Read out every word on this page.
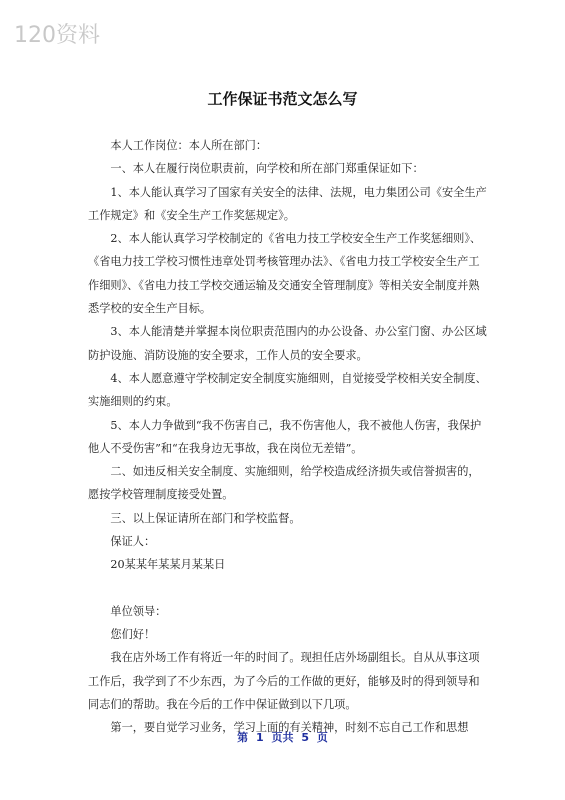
120资料
工作保证书范文怎么写

本人工作岗位：本人所在部门：

一、本人在履行岗位职责前，向学校和所在部门郑重保证如下：

1、本人能认真学习了国家有关安全的法律、法规，电力集团公司《安全生产工作规定》和《安全生产工作奖惩规定》。

2、本人能认真学习学校制定的《省电力技工学校安全生产工作奖惩细则》、《省电力技工学校习惯性违章处罚考核管理办法》、《省电力技工学校安全生产工作细则》、《省电力技工学校交通运输及交通安全管理制度》等相关安全制度并熟悉学校的安全生产目标。

3、本人能清楚并掌握本岗位职责范围内的办公设备、办公室门窗、办公区域防护设施、消防设施的安全要求，工作人员的安全要求。

4、本人愿意遵守学校制定安全制度实施细则，自觉接受学校相关安全制度、实施细则的约束。

5、本人力争做到“我不伤害自己，我不伤害他人，我不被他人伤害，我保护他人不受伤害”和“在我身边无事故，我在岗位无差错”。

二、如违反相关安全制度、实施细则，给学校造成经济损失或信誉损害的，愿按学校管理制度接受处置。

三、以上保证请所在部门和学校监督。

保证人：

20某某年某某月某某日

单位领导：

您们好！

我在店外场工作有将近一年的时间了。现担任店外场副组长。自从从事这项工作后，我学到了不少东西，为了今后的工作做的更好，能够及时的得到领导和同志们的帮助。我在今后的工作中保证做到以下几项。

第一，要自觉学习业务，学习上面的有关精神，时刻不忘自己工作和思想

第 1 页共 5 页
